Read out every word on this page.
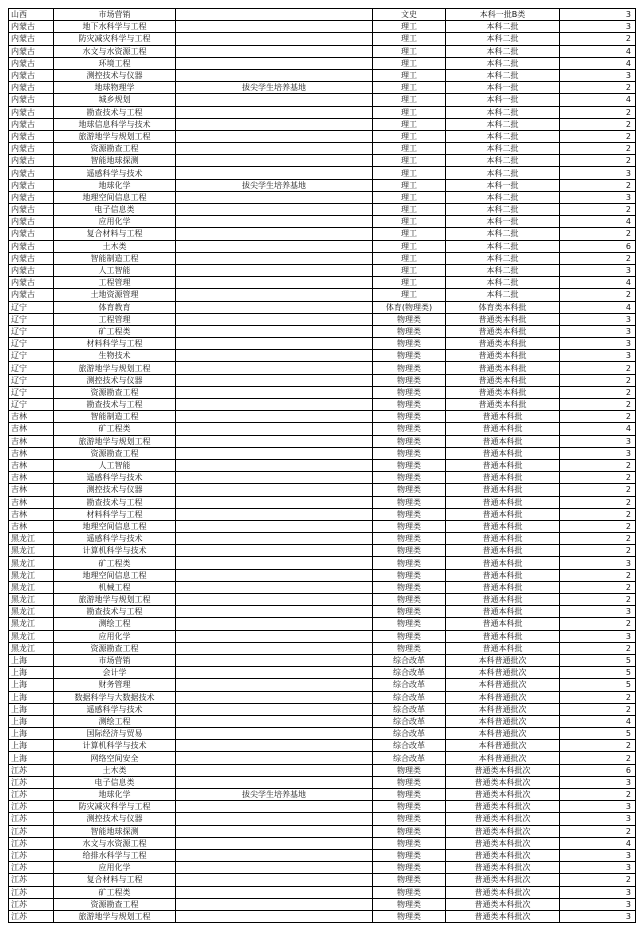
山西	市场营销		文史	本科一批B类	3
内蒙古	地下水科学与工程		理工	本科二批	3
内蒙古	防灾减灾科学与工程		理工	本科二批	2
内蒙古	水文与水资源工程		理工	本科二批	4
内蒙古	环境工程		理工	本科二批	4
内蒙古	测控技术与仪器		理工	本科二批	3
内蒙古	地球物理学	拔尖学生培养基地	理工	本科一批	2
内蒙古	城乡规划		理工	本科一批	4
内蒙古	勘查技术与工程		理工	本科二批	2
内蒙古	地球信息科学与技术		理工	本科二批	2
内蒙古	旅游地学与规划工程		理工	本科二批	2
内蒙古	资源勘查工程		理工	本科二批	2
内蒙古	智能地球探测		理工	本科二批	2
内蒙古	遥感科学与技术		理工	本科二批	3
内蒙古	地球化学	拔尖学生培养基地	理工	本科一批	2
内蒙古	地理空间信息工程		理工	本科二批	3
内蒙古	电子信息类		理工	本科二批	2
内蒙古	应用化学		理工	本科一批	4
内蒙古	复合材料与工程		理工	本科二批	2
内蒙古	土木类		理工	本科二批	6
内蒙古	智能制造工程		理工	本科二批	2
内蒙古	人工智能		理工	本科二批	3
内蒙古	工程管理		理工	本科二批	4
内蒙古	土地资源管理		理工	本科二批	2
辽宁	体育教育		体育(物理类)	体育类本科批	4
辽宁	工程管理		物理类	普通类本科批	3
辽宁	矿工程类		物理类	普通类本科批	3
辽宁	材料科学与工程		物理类	普通类本科批	3
辽宁	生物技术		物理类	普通类本科批	3
辽宁	旅游地学与规划工程		物理类	普通类本科批	2
辽宁	测控技术与仪器		物理类	普通类本科批	2
辽宁	资源勘查工程		物理类	普通类本科批	2
辽宁	勘查技术与工程		物理类	普通类本科批	2
吉林	智能制造工程		物理类	普通本科批	2
吉林	矿工程类		物理类	普通本科批	4
吉林	旅游地学与规划工程		物理类	普通本科批	3
吉林	资源勘查工程		物理类	普通本科批	3
吉林	人工智能		物理类	普通本科批	2
吉林	遥感科学与技术		物理类	普通本科批	2
吉林	测控技术与仪器		物理类	普通本科批	2
吉林	勘查技术与工程		物理类	普通本科批	2
吉林	材料科学与工程		物理类	普通本科批	2
吉林	地理空间信息工程		物理类	普通本科批	2
黑龙江	遥感科学与技术		物理类	普通本科批	2
黑龙江	计算机科学与技术		物理类	普通本科批	2
黑龙江	矿工程类		物理类	普通本科批	3
黑龙江	地理空间信息工程		物理类	普通本科批	2
黑龙江	机械工程		物理类	普通本科批	2
黑龙江	旅游地学与规划工程		物理类	普通本科批	2
黑龙江	勘查技术与工程		物理类	普通本科批	3
黑龙江	测绘工程		物理类	普通本科批	2
黑龙江	应用化学		物理类	普通本科批	3
黑龙江	资源勘查工程		物理类	普通本科批	2
上海	市场营销		综合改革	本科普通批次	5
上海	会计学		综合改革	本科普通批次	5
上海	财务管理		综合改革	本科普通批次	5
上海	数据科学与大数据技术		综合改革	本科普通批次	2
上海	遥感科学与技术		综合改革	本科普通批次	2
上海	测绘工程		综合改革	本科普通批次	4
上海	国际经济与贸易		综合改革	本科普通批次	5
上海	计算机科学与技术		综合改革	本科普通批次	2
上海	网络空间安全		综合改革	本科普通批次	2
江苏	土木类		物理类	普通类本科批次	6
江苏	电子信息类		物理类	普通类本科批次	3
江苏	地球化学	拔尖学生培养基地	物理类	普通类本科批次	2
江苏	防灾减灾科学与工程		物理类	普通类本科批次	3
江苏	测控技术与仪器		物理类	普通类本科批次	3
江苏	智能地球探测		物理类	普通类本科批次	2
江苏	水文与水资源工程		物理类	普通类本科批次	4
江苏	给排水科学与工程		物理类	普通类本科批次	3
江苏	应用化学		物理类	普通类本科批次	3
江苏	复合材料与工程		物理类	普通类本科批次	2
江苏	矿工程类		物理类	普通类本科批次	3
江苏	资源勘查工程		物理类	普通类本科批次	3
江苏	旅游地学与规划工程		物理类	普通类本科批次	3
